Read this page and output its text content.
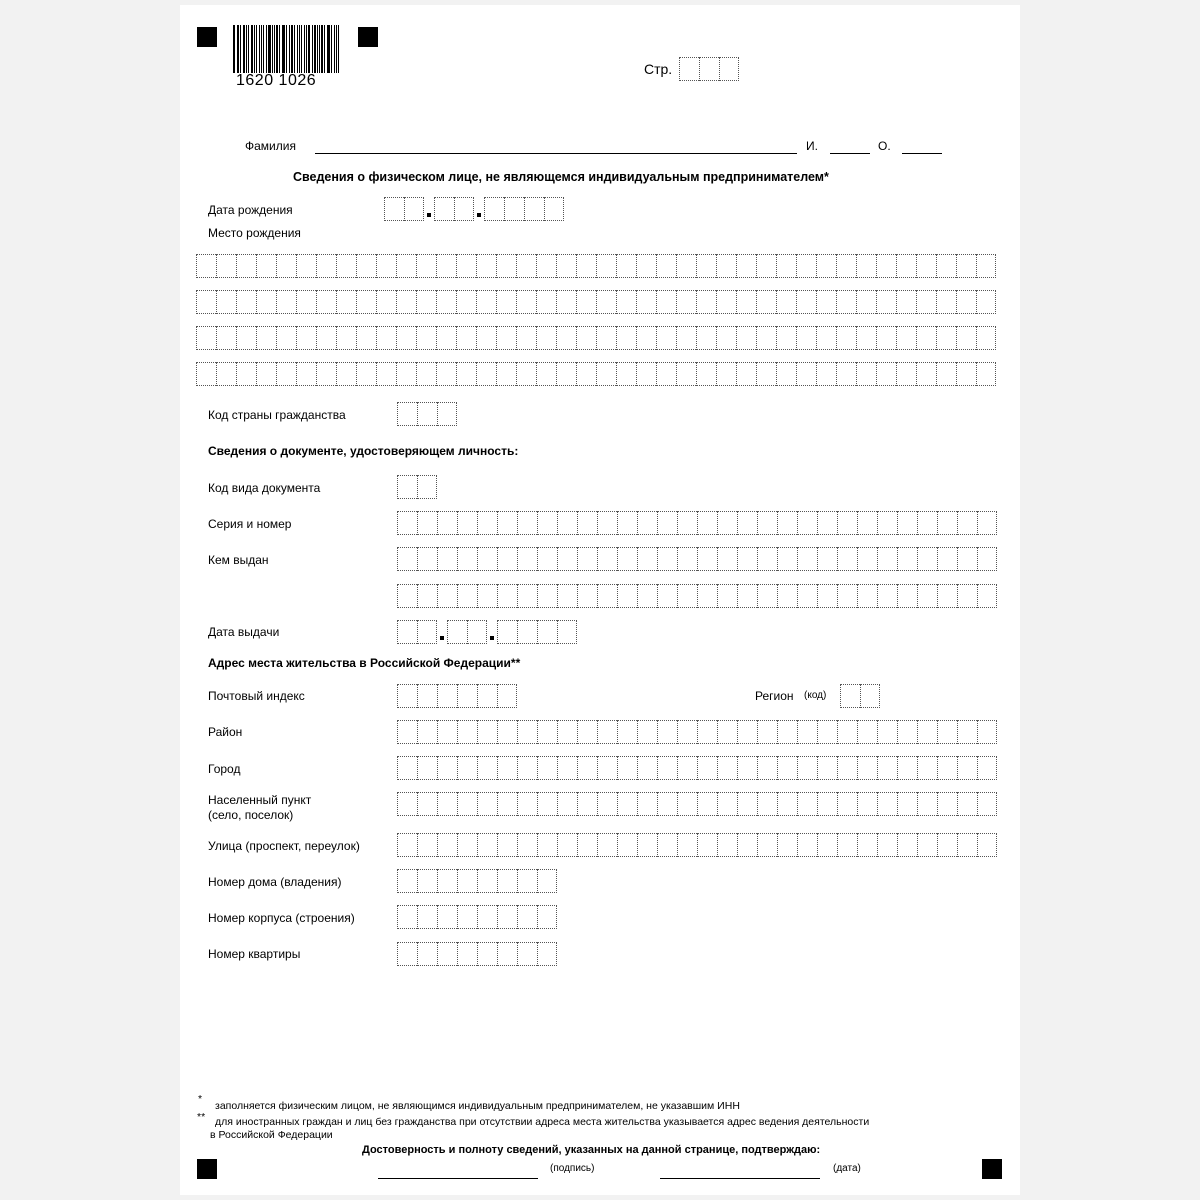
1620 1026
Стр.
Фамилия	И.	О.
Сведения о физическом лице, не являющемся индивидуальным предпринимателем*
Дата рождения
Место рождения
Код страны гражданства
Сведения о документе, удостоверяющем личность:
Код вида документа
Серия и номер
Кем выдан
Дата выдачи
Адрес места жительства в Российской Федерации**
Почтовый индекс	Регион (код)
Район
Город
Населенный пункт
(село, поселок)
Улица (проспект, переулок)
Номер дома (владения)
Номер корпуса (строения)
Номер квартиры
*
заполняется физическим лицом, не являющимся индивидуальным предпринимателем, не указавшим ИНН
** для иностранных граждан и лиц без гражданства при отсутствии адреса места жительства указывается адрес ведения деятельности
в Российской Федерации
Достоверность и полноту сведений, указанных на данной странице, подтверждаю:
(подпись)	(дата)
